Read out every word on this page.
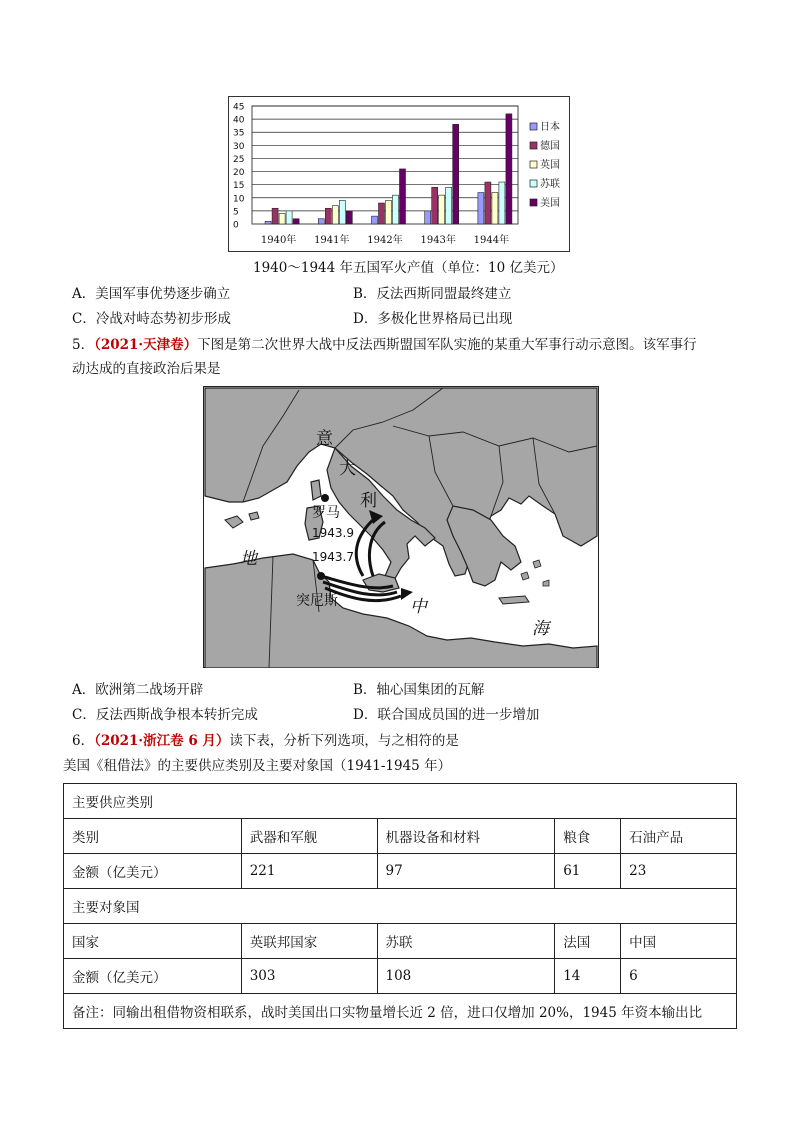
0
5
10
15
20
25
30
35
40
45
1940年 1941年 1942年 1943年 1944年
日本
德国
英国
苏联
美国
1940～1944 年五国军火产值（单位：10 亿美元）
A．美国军事优势逐步确立	B．反法西斯同盟最终建立
C．冷战对峙态势初步形成	D．多极化世界格局已出现
5．（2021·天津卷）下图是第二次世界大战中反法西斯盟国军队实施的某重大军事行动示意图。该军事行
动达成的直接政治后果是
意
大
利
罗马
1943.9
1943.7
突尼斯
地
中
海
A．欧洲第二战场开辟	B．轴心国集团的瓦解
C．反法西斯战争根本转折完成	D．联合国成员国的进一步增加
6．（2021·浙江卷 6 月）读下表，分析下列选项，与之相符的是
美国《租借法》的主要供应类别及主要对象国（1941-1945 年）
主要供应类别				
类别	武器和军舰	机器设备和材料	粮食	石油产品
金额（亿美元）	221	97	61	23
主要对象国				
国家	英联邦国家	苏联	法国	中国
金额（亿美元）	303	108	14	6
备注：同输出租借物资相联系，战时美国出口实物量增长近 2 倍，进口仅增加 20%，1945 年资本输出比				
